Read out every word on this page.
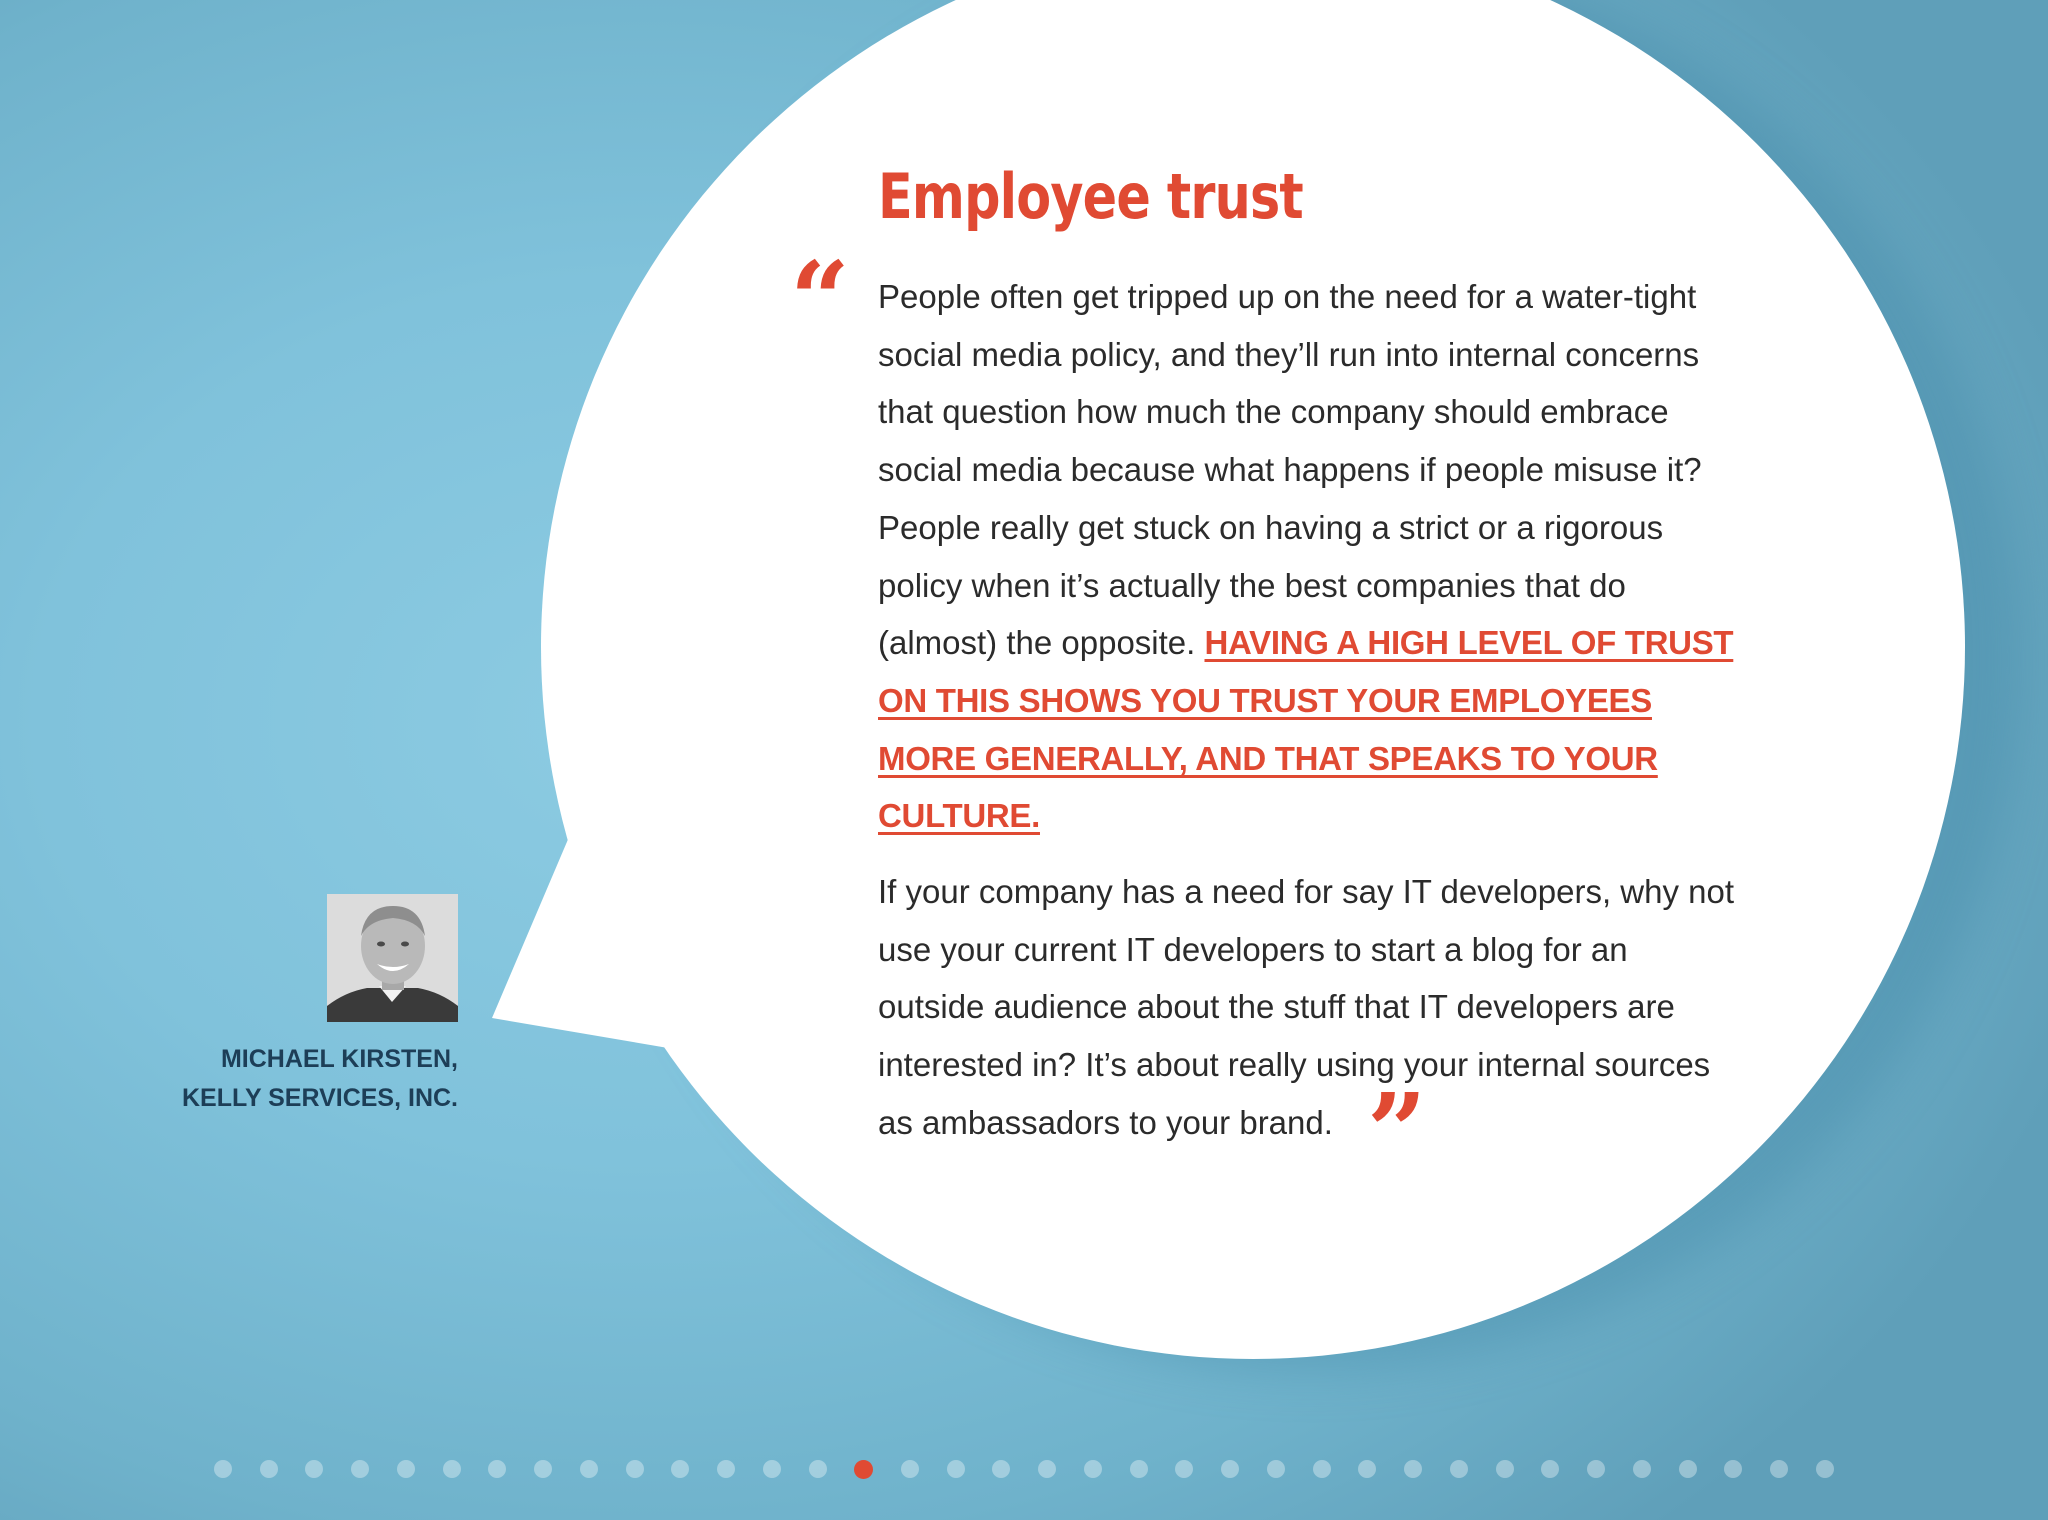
Employee trust
“ People often get tripped up on the need for a water-tight social media policy, and they’ll run into internal concerns that question how much the company should embrace social media because what happens if people misuse it? People really get stuck on having a strict or a rigorous policy when it’s actually the best companies that do (almost) the opposite. HAVING A HIGH LEVEL OF TRUST ON THIS SHOWS YOU TRUST YOUR EMPLOYEES MORE GENERALLY, AND THAT SPEAKS TO YOUR CULTURE.

If your company has a need for say IT developers, why not use your current IT developers to start a blog for an outside audience about the stuff that IT developers are interested in? It’s about really using your internal sources as ambassadors to your brand. ”

MICHAEL KIRSTEN,
KELLY SERVICES, INC.
